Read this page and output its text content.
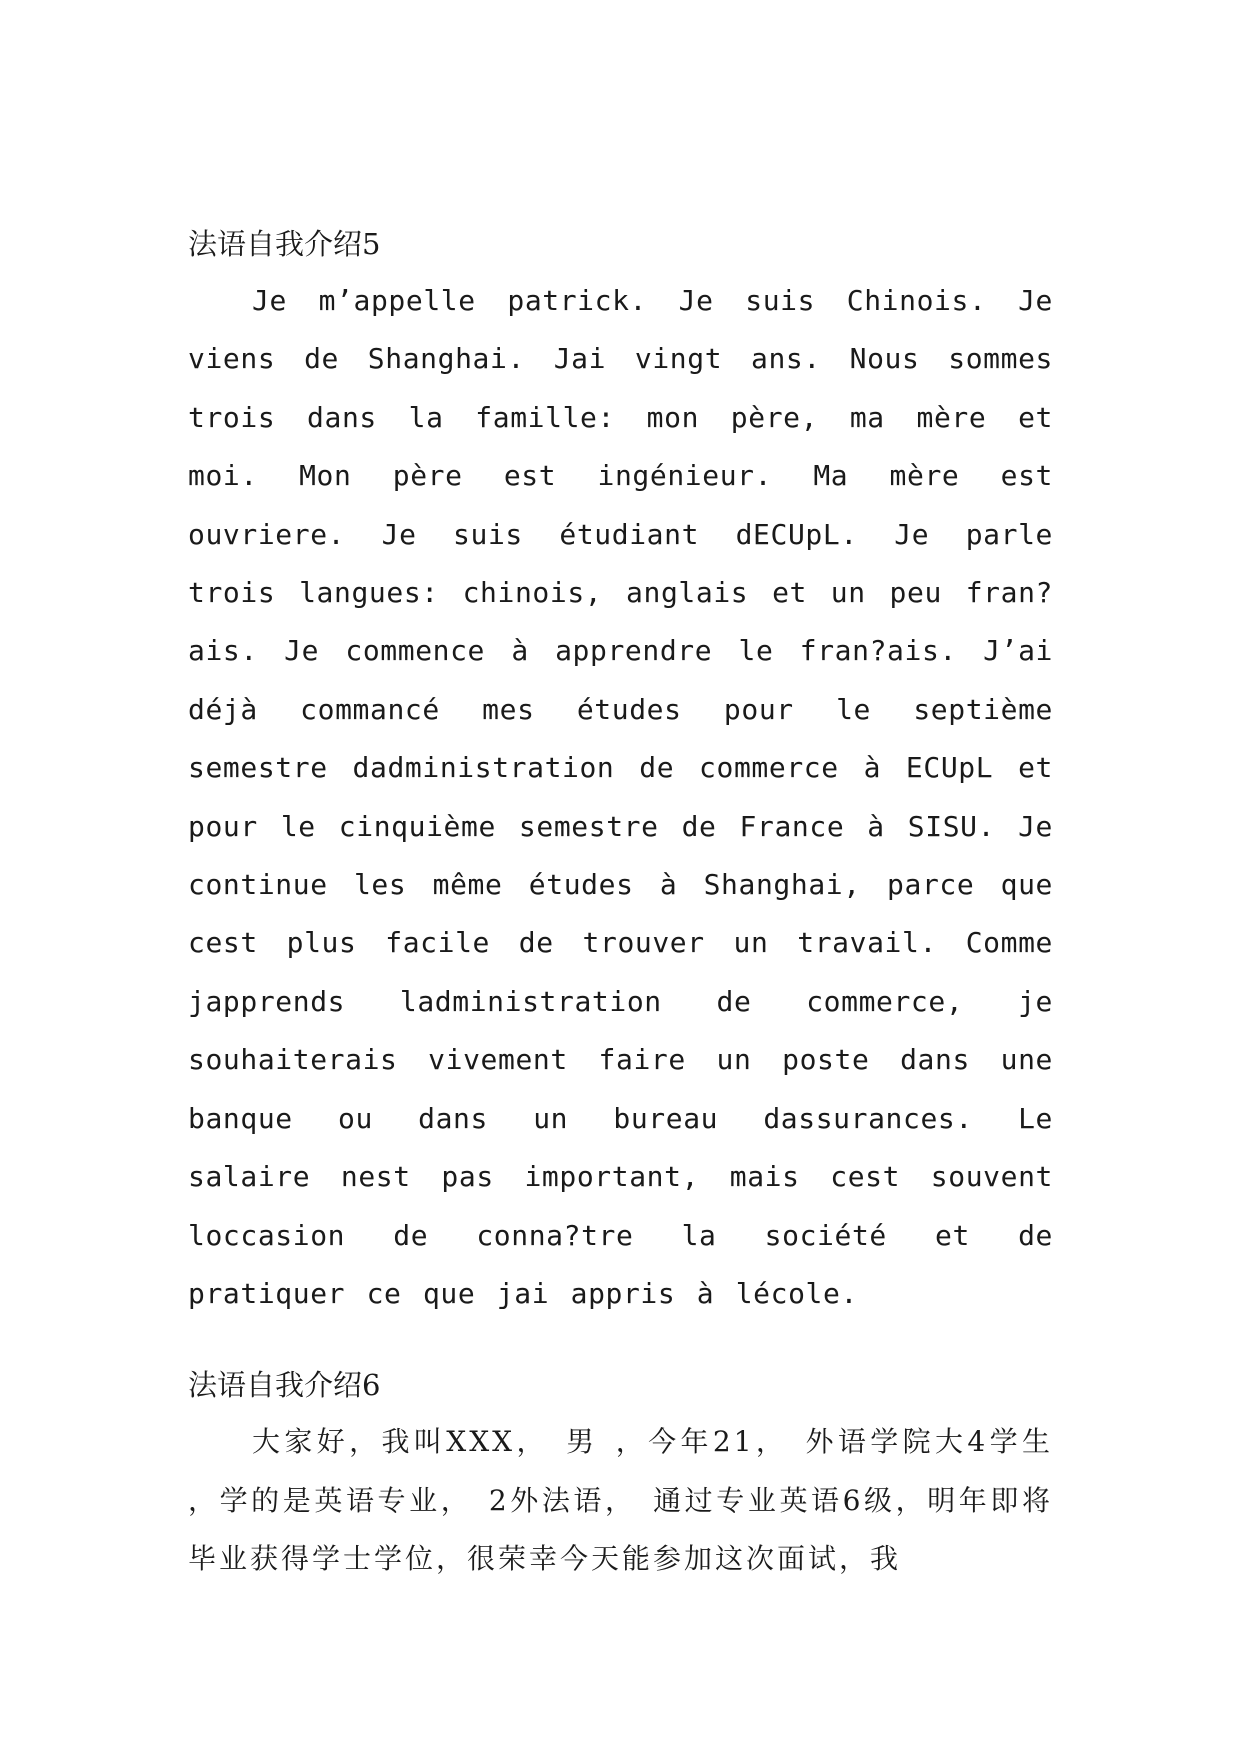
法语自我介绍5

Je m’appelle patrick. Je suis Chinois. Je viens de Shanghai. Jai vingt ans. Nous sommes trois dans la famille: mon père, ma mère et moi. Mon père est ingénieur. Ma mère est ouvriere. Je suis étudiant dECUpL. Je parle trois langues: chinois, anglais et un peu fran?ais. Je commence à apprendre le fran?ais. J’ai déjà commancé mes études pour le septième semestre dadministration de commerce à ECUpL et pour le cinquième semestre de France à SISU. Je continue les même études à Shanghai, parce que cest plus facile de trouver un travail. Comme japprends ladministration de commerce, je souhaiterais vivement faire un poste dans une banque ou dans un bureau dassurances. Le salaire nest pas important, mais cest souvent loccasion de conna?tre la société et de pratiquer ce que jai appris à lécole.

法语自我介绍6

大家好，我叫XXX， 男 ，今年21， 外语学院大4学生 ，学的是英语专业， 2外法语， 通过专业英语6级，明年即将毕业获得学士学位，很荣幸今天能参加这次面试，我
